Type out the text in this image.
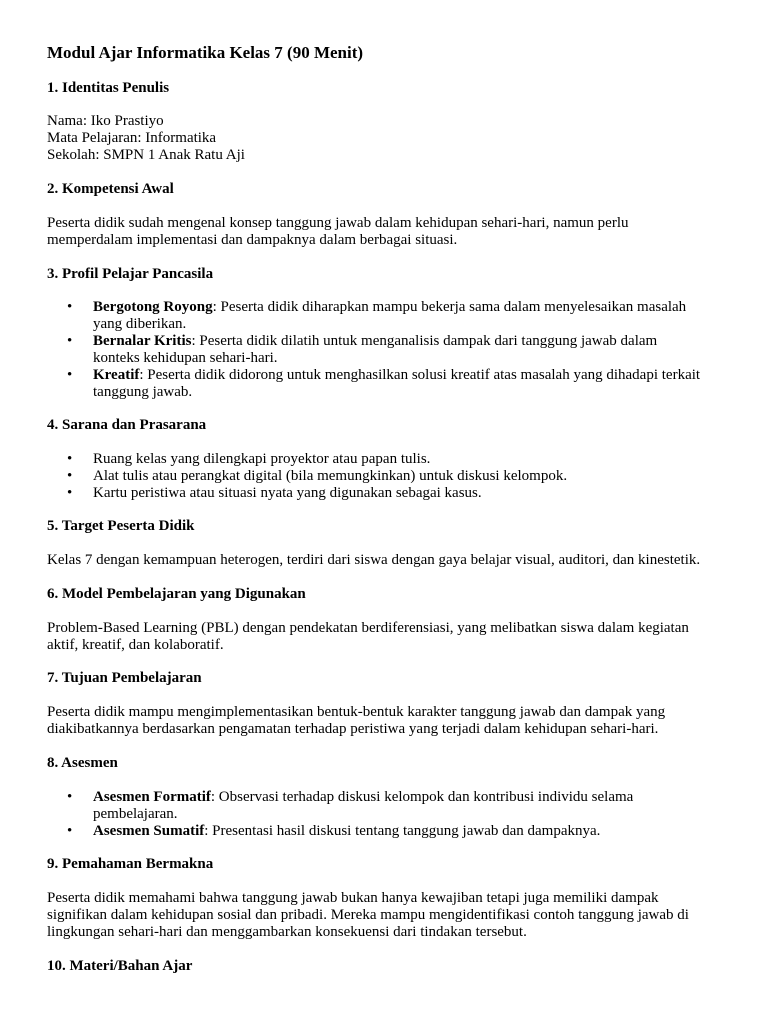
Modul Ajar Informatika Kelas 7 (90 Menit)
1. Identitas Penulis
Nama: Iko Prastiyo
Mata Pelajaran: Informatika
Sekolah: SMPN 1 Anak Ratu Aji
2. Kompetensi Awal
Peserta didik sudah mengenal konsep tanggung jawab dalam kehidupan sehari-hari, namun perlu
memperdalam implementasi dan dampaknya dalam berbagai situasi.
3. Profil Pelajar Pancasila
• Bergotong Royong: Peserta didik diharapkan mampu bekerja sama dalam menyelesaikan masalah
yang diberikan.
• Bernalar Kritis: Peserta didik dilatih untuk menganalisis dampak dari tanggung jawab dalam
konteks kehidupan sehari-hari.
• Kreatif: Peserta didik didorong untuk menghasilkan solusi kreatif atas masalah yang dihadapi terkait
tanggung jawab.
4. Sarana dan Prasarana
• Ruang kelas yang dilengkapi proyektor atau papan tulis.
• Alat tulis atau perangkat digital (bila memungkinkan) untuk diskusi kelompok.
• Kartu peristiwa atau situasi nyata yang digunakan sebagai kasus.
5. Target Peserta Didik
Kelas 7 dengan kemampuan heterogen, terdiri dari siswa dengan gaya belajar visual, auditori, dan kinestetik.
6. Model Pembelajaran yang Digunakan
Problem-Based Learning (PBL) dengan pendekatan berdiferensiasi, yang melibatkan siswa dalam kegiatan
aktif, kreatif, dan kolaboratif.
7. Tujuan Pembelajaran
Peserta didik mampu mengimplementasikan bentuk-bentuk karakter tanggung jawab dan dampak yang
diakibatkannya berdasarkan pengamatan terhadap peristiwa yang terjadi dalam kehidupan sehari-hari.
8. Asesmen
• Asesmen Formatif: Observasi terhadap diskusi kelompok dan kontribusi individu selama
pembelajaran.
• Asesmen Sumatif: Presentasi hasil diskusi tentang tanggung jawab dan dampaknya.
9. Pemahaman Bermakna
Peserta didik memahami bahwa tanggung jawab bukan hanya kewajiban tetapi juga memiliki dampak
signifikan dalam kehidupan sosial dan pribadi. Mereka mampu mengidentifikasi contoh tanggung jawab di
lingkungan sehari-hari dan menggambarkan konsekuensi dari tindakan tersebut.
10. Materi/Bahan Ajar
